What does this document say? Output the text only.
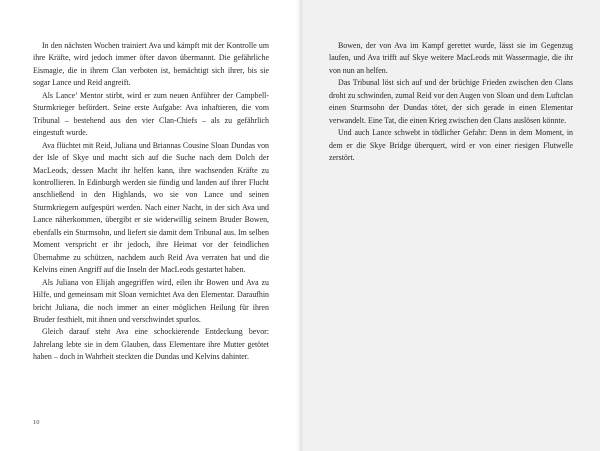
In den nächsten Wochen trainiert Ava und kämpft mit der Kontrolle um ihre Kräfte, wird jedoch immer öfter davon übermannt. Die gefährliche Eismagie, die in ihrem Clan verboten ist, bemächtigt sich ihrer, bis sie sogar Lance und Reid angreift.

Als Lance’ Mentor stirbt, wird er zum neuen Anführer der Campbell-Sturmkrieger befördert. Seine erste Aufgabe: Ava inhaftieren, die vom Tribunal – bestehend aus den vier Clan-Chiefs – als zu gefährlich eingestuft wurde.

Ava flüchtet mit Reid, Juliana und Briannas Cousine Sloan Dundas von der Isle of Skye und macht sich auf die Suche nach dem Dolch der MacLeods, dessen Macht ihr helfen kann, ihre wachsenden Kräfte zu kontrollieren. In Edinburgh werden sie fündig und landen auf ihrer Flucht anschließend in den Highlands, wo sie von Lance und seinen Sturmkriegern aufgespürt werden. Nach einer Nacht, in der sich Ava und Lance näherkommen, übergibt er sie widerwillig seinem Bruder Bowen, ebenfalls ein Sturmsohn, und liefert sie damit dem Tribunal aus. Im selben Moment verspricht er ihr jedoch, ihre Heimat vor der feindlichen Übernahme zu schützen, nachdem auch Reid Ava verraten hat und die Kelvins einen Angriff auf die Inseln der MacLeods gestartet haben.

Als Juliana von Elijah angegriffen wird, eilen ihr Bowen und Ava zu Hilfe, und gemeinsam mit Sloan vernichtet Ava den Elementar. Daraufhin bricht Juliana, die noch immer an einer möglichen Heilung für ihren Bruder festhielt, mit ihnen und verschwindet spurlos.

Gleich darauf steht Ava eine schockierende Entdeckung bevor: Jahrelang lebte sie in dem Glauben, dass Elementare ihre Mutter getötet haben – doch in Wahrheit steckten die Dundas und Kelvins dahinter.

10

Bowen, der von Ava im Kampf gerettet wurde, lässt sie im Gegenzug laufen, und Ava trifft auf Skye weitere MacLeods mit Wassermagie, die ihr von nun an helfen.

Das Tribunal löst sich auf und der brüchige Frieden zwischen den Clans droht zu schwinden, zumal Reid vor den Augen von Sloan und dem Luftclan einen Sturmsohn der Dundas tötet, der sich gerade in einen Elementar verwandelt. Eine Tat, die einen Krieg zwischen den Clans auslösen könnte.

Und auch Lance schwebt in tödlicher Gefahr: Denn in dem Moment, in dem er die Skye Bridge überquert, wird er von einer riesigen Flutwelle zerstört.
